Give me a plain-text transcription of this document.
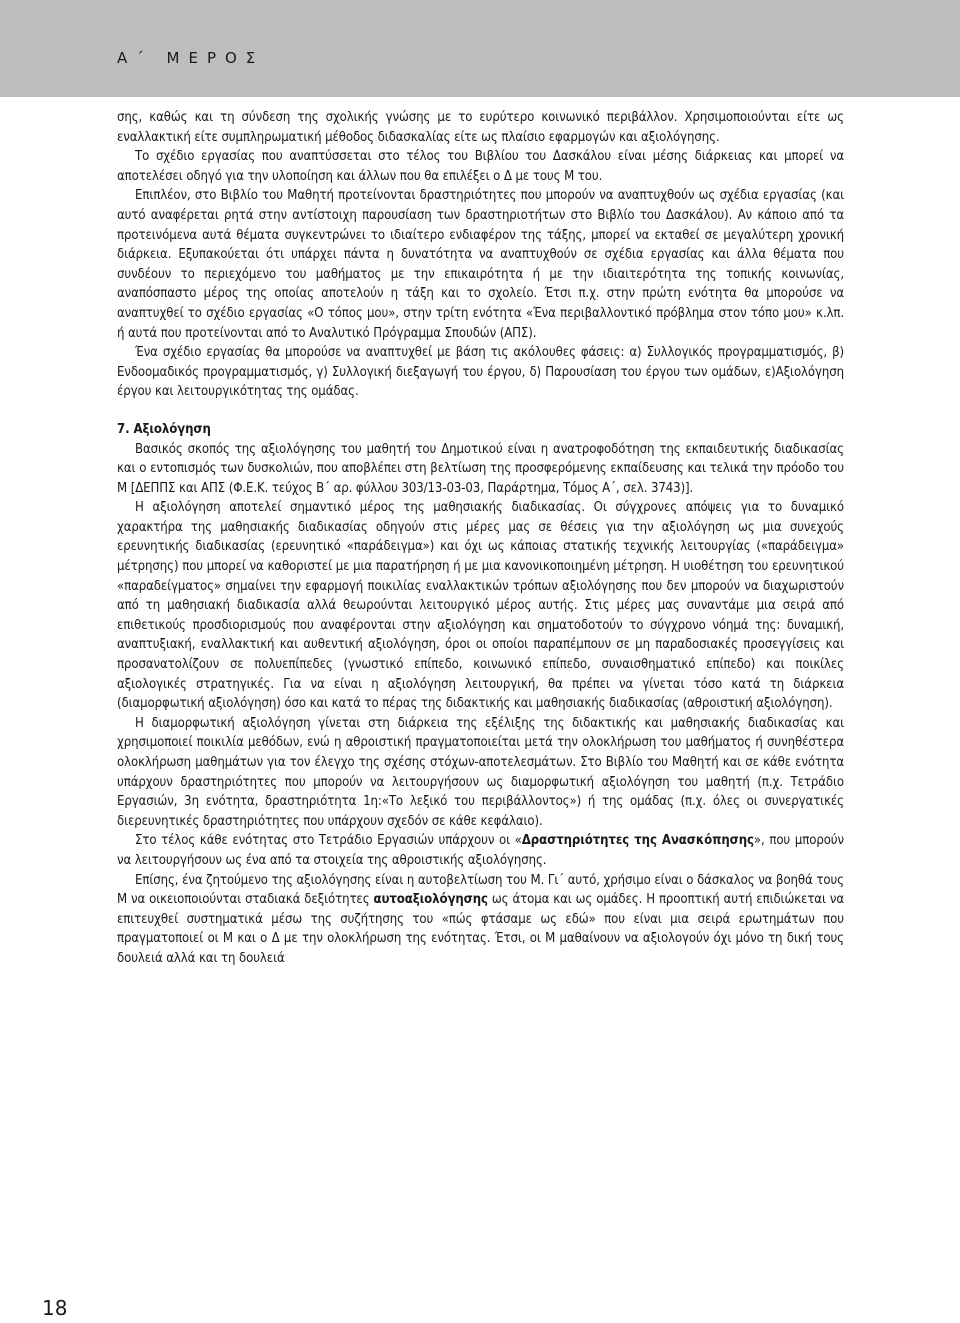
Α΄ ΜΕΡΟΣ
18

σης, καθώς και τη σύνδεση της σχολικής γνώσης με το ευρύτερο κοινωνικό περιβάλλον. Χρησιμοποιούνται είτε ως εναλλακτική είτε συμπληρωματική μέθοδος διδασκαλίας είτε ως πλαίσιο εφαρμογών και αξιολόγησης.

Το σχέδιο εργασίας που αναπτύσσεται στο τέλος του Βιβλίου του Δασκάλου είναι μέσης διάρκειας και μπορεί να αποτελέσει οδηγό για την υλοποίηση και άλλων που θα επιλέξει ο Δ με τους Μ του.

Επιπλέον, στο Βιβλίο του Μαθητή προτείνονται δραστηριότητες που μπορούν να αναπτυχθούν ως σχέδια εργασίας (και αυτό αναφέρεται ρητά στην αντίστοιχη παρουσίαση των δραστηριοτήτων στο Βιβλίο του Δασκάλου). Αν κάποιο από τα προτεινόμενα αυτά θέματα συγκεντρώνει το ιδιαίτερο ενδιαφέρον της τάξης, μπορεί να εκταθεί σε μεγαλύτερη χρονική διάρκεια. Εξυπακούεται ότι υπάρχει πάντα η δυνατότητα να αναπτυχθούν σε σχέδια εργασίας και άλλα θέματα που συνδέουν το περιεχόμενο του μαθήματος με την επικαιρότητα ή με την ιδιαιτερότητα της τοπικής κοινωνίας, αναπόσπαστο μέρος της οποίας αποτελούν η τάξη και το σχολείο. Έτσι π.χ. στην πρώτη ενότητα θα μπορούσε να αναπτυχθεί το σχέδιο εργασίας «Ο τόπος μου», στην τρίτη ενότητα «Ένα περιβαλλοντικό πρόβλημα στον τόπο μου» κ.λπ. ή αυτά που προτείνονται από το Αναλυτικό Πρόγραμμα Σπουδών (ΑΠΣ).

Ένα σχέδιο εργασίας θα μπορούσε να αναπτυχθεί με βάση τις ακόλουθες φάσεις: α) Συλλογικός προγραμματισμός, β) Ενδοομαδικός προγραμματισμός, γ) Συλλογική διεξαγωγή του έργου, δ) Παρουσίαση του έργου των ομάδων, ε)Αξιολόγηση έργου και λειτουργικότητας της ομάδας.

7. Αξιολόγηση

Βασικός σκοπός της αξιολόγησης του μαθητή του Δημοτικού είναι η ανατροφοδότηση της εκπαιδευτικής διαδικασίας και ο εντοπισμός των δυσκολιών, που αποβλέπει στη βελτίωση της προσφερόμενης εκπαίδευσης και τελικά την πρόοδο του Μ [ΔΕΠΠΣ και ΑΠΣ (Φ.Ε.Κ. τεύχος Β΄ αρ. φύλλου 303/13-03-03, Παράρτημα, Τόμος Α΄, σελ. 3743)].

Η αξιολόγηση αποτελεί σημαντικό μέρος της μαθησιακής διαδικασίας. Οι σύγχρονες απόψεις για το δυναμικό χαρακτήρα της μαθησιακής διαδικασίας οδηγούν στις μέρες μας σε θέσεις για την αξιολόγηση ως μια συνεχούς ερευνητικής διαδικασίας (ερευνητικό «παράδειγμα») και όχι ως κάποιας στατικής τεχνικής λειτουργίας («παράδειγμα» μέτρησης) που μπορεί να καθοριστεί με μια παρατήρηση ή με μια κανονικοποιημένη μέτρηση. Η υιοθέτηση του ερευνητικού «παραδείγματος» σημαίνει την εφαρμογή ποικιλίας εναλλακτικών τρόπων αξιολόγησης που δεν μπορούν να διαχωριστούν από τη μαθησιακή διαδικασία αλλά θεωρούνται λειτουργικό μέρος αυτής. Στις μέρες μας συναντάμε μια σειρά από επιθετικούς προσδιορισμούς που αναφέρονται στην αξιολόγηση και σηματοδοτούν το σύγχρονο νόημά της: δυναμική, αναπτυξιακή, εναλλακτική και αυθεντική αξιολόγηση, όροι οι οποίοι παραπέμπουν σε μη παραδοσιακές προσεγγίσεις και προσανατολίζουν σε πολυεπίπεδες (γνωστικό επίπεδο, κοινωνικό επίπεδο, συναισθηματικό επίπεδο) και ποικίλες αξιολογικές στρατηγικές. Για να είναι η αξιολόγηση λειτουργική, θα πρέπει να γίνεται τόσο κατά τη διάρκεια (διαμορφωτική αξιολόγηση) όσο και κατά το πέρας της διδακτικής και μαθησιακής διαδικασίας (αθροιστική αξιολόγηση).

Η διαμορφωτική αξιολόγηση γίνεται στη διάρκεια της εξέλιξης της διδακτικής και μαθησιακής διαδικασίας και χρησιμοποιεί ποικιλία μεθόδων, ενώ η αθροιστική πραγματοποιείται μετά την ολοκλήρωση του μαθήματος ή συνηθέστερα ολοκλήρωση μαθημάτων για τον έλεγχο της σχέσης στόχων-αποτελεσμάτων. Στο Βιβλίο του Μαθητή και σε κάθε ενότητα υπάρχουν δραστηριότητες που μπορούν να λειτουργήσουν ως διαμορφωτική αξιολόγηση του μαθητή (π.χ. Τετράδιο Εργασιών, 3η ενότητα, δραστηριότητα 1η:«Το λεξικό του περιβάλλοντος») ή της ομάδας (π.χ. όλες οι συνεργατικές διερευνητικές δραστηριότητες που υπάρχουν σχεδόν σε κάθε κεφάλαιο).

Στο τέλος κάθε ενότητας στο Τετράδιο Εργασιών υπάρχουν οι «Δραστηριότητες της Ανασκόπησης», που μπορούν να λειτουργήσουν ως ένα από τα στοιχεία της αθροιστικής αξιολόγησης.

Επίσης, ένα ζητούμενο της αξιολόγησης είναι η αυτοβελτίωση του Μ. Γι΄ αυτό, χρήσιμο είναι ο δάσκαλος να βοηθά τους Μ να οικειοποιούνται σταδιακά δεξιότητες αυτοαξιολόγησης ως άτομα και ως ομάδες. Η προοπτική αυτή επιδιώκεται να επιτευχθεί συστηματικά μέσω της συζήτησης του «πώς φτάσαμε ως εδώ» που είναι μια σειρά ερωτημάτων που πραγματοποιεί οι Μ και ο Δ με την ολοκλήρωση της ενότητας. Έτσι, οι Μ μαθαίνουν να αξιολογούν όχι μόνο τη δική τους δουλειά αλλά και τη δουλειά
